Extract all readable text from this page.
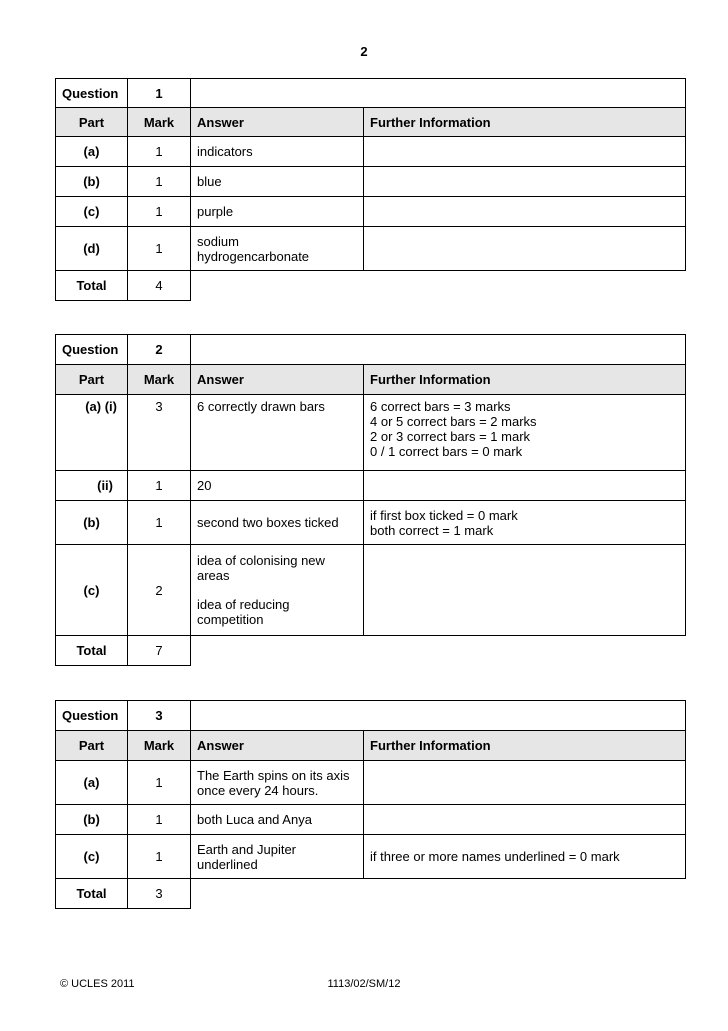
2
Question	1		
Part	Mark	Answer	Further Information
(a)	1	indicators	
(b)	1	blue	
(c)	1	purple	
(d)	1	sodium
hydrogencarbonate	

Total	4		
Question	2		
Part	Mark	Answer	Further Information
(a) (i)	3	6 correctly drawn bars	6 correct bars = 3 marks
4 or 5 correct bars = 2 marks
2 or 3 correct bars = 1 mark
0 / 1 correct bars = 0 mark

(ii)	1	20	
(b)	1	second two boxes ticked	if first box ticked = 0 mark
both correct = 1 mark

(c)	2	idea of colonising new
areas
idea of reducing
competition	

Total	7		
Question	3		
Part	Mark	Answer	Further Information
(a)	1	The Earth spins on its axis
once every 24 hours.	

(b)	1	both Luca and Anya	
(c)	1	Earth and Jupiter
underlined	if three or more names underlined = 0 mark
Total	3		
© UCLES 2011	1113/02/SM/12
